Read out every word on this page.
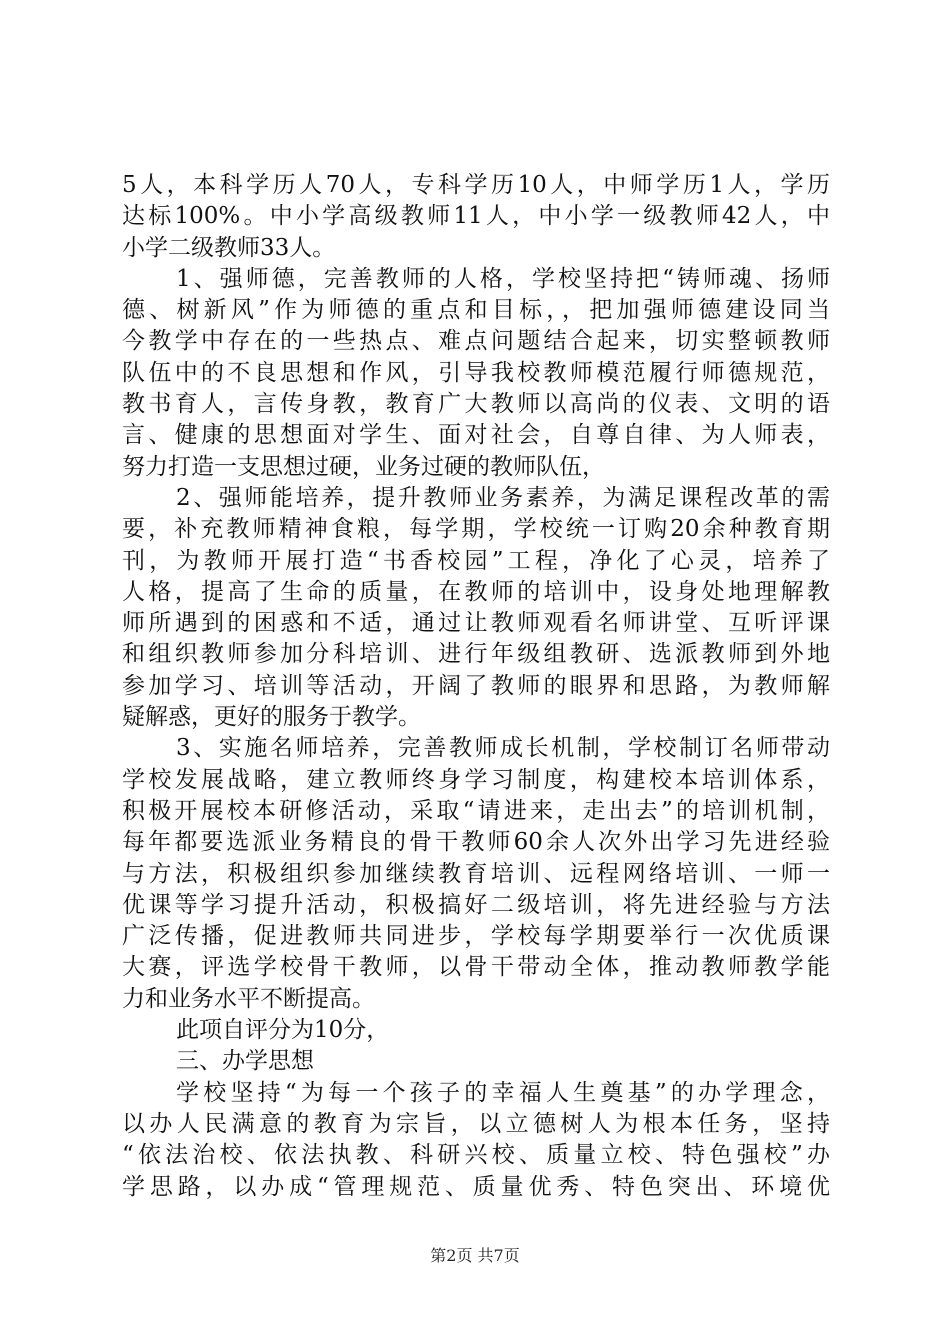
5人，本科学历人70人，专科学历10人，中师学历1人，学历
达标100%。中小学高级教师11人，中小学一级教师42人，中
小学二级教师33人。
1、强师德，完善教师的人格，学校坚持把“铸师魂、扬师
德、树新风”作为师德的重点和目标，，把加强师德建设同当
今教学中存在的一些热点、难点问题结合起来，切实整顿教师
队伍中的不良思想和作风，引导我校教师模范履行师德规范，
教书育人，言传身教，教育广大教师以高尚的仪表、文明的语
言、健康的思想面对学生、面对社会，自尊自律、为人师表，
努力打造一支思想过硬，业务过硬的教师队伍，
2、强师能培养，提升教师业务素养，为满足课程改革的需
要，补充教师精神食粮，每学期，学校统一订购20余种教育期
刊，为教师开展打造“书香校园”工程，净化了心灵，培养了
人格，提高了生命的质量，在教师的培训中，设身处地理解教
师所遇到的困惑和不适，通过让教师观看名师讲堂、互听评课
和组织教师参加分科培训、进行年级组教研、选派教师到外地
参加学习、培训等活动，开阔了教师的眼界和思路，为教师解
疑解惑，更好的服务于教学。
3、实施名师培养，完善教师成长机制，学校制订名师带动
学校发展战略，建立教师终身学习制度，构建校本培训体系，
积极开展校本研修活动，采取“请进来，走出去”的培训机制，
每年都要选派业务精良的骨干教师60余人次外出学习先进经验
与方法，积极组织参加继续教育培训、远程网络培训、一师一
优课等学习提升活动，积极搞好二级培训，将先进经验与方法
广泛传播，促进教师共同进步，学校每学期要举行一次优质课
大赛，评选学校骨干教师，以骨干带动全体，推动教师教学能
力和业务水平不断提高。
此项自评分为10分，
三、办学思想
学校坚持“为每一个孩子的幸福人生奠基”的办学理念，
以办人民满意的教育为宗旨，以立德树人为根本任务，坚持
“依法治校、依法执教、科研兴校、质量立校、特色强校”办
学思路，以办成“管理规范、质量优秀、特色突出、环境优
第2页 共7页
